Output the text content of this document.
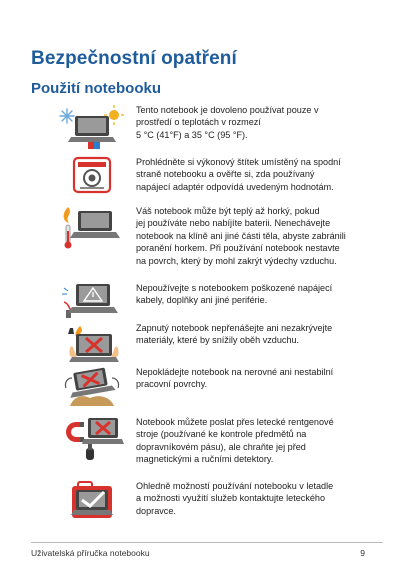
Bezpečnostní opatření
Použití notebooku
Tento notebook je dovoleno používat pouze v
prostředí o teplotách v rozmezí
5 °C (41°F) a 35 °C (95 °F).
Prohlédněte si výkonový štítek umístěný na spodní
straně notebooku a ověřte si, zda používaný
napájecí adaptér odpovídá uvedeným hodnotám.
Váš notebook může být teplý až horký, pokud
jej používáte nebo nabíjíte baterii. Nenechávejte
notebook na klíně ani jiné části těla, abyste zabránili
poranění horkem. Při používání notebook nestavte
na povrch, který by mohl zakrýt výdechy vzduchu.
Nepoužívejte s notebookem poškozené napájecí
kabely, doplňky ani jiné periférie.
Zapnutý notebook nepřenášejte ani nezakrývejte
materiály, které by snížily oběh vzduchu.
Nepokládejte notebook na nerovné ani nestabilní
pracovní povrchy.
Notebook můžete poslat přes letecké rentgenové
stroje (používané ke kontrole předmětů na
dopravníkovém pásu), ale chraňte jej před
magnetickými a ručními detektory.
Ohledně možností používání notebooku v letadle
a možnosti využití služeb kontaktujte leteckého
dopravce.
Uživatelská příručka notebooku	9
